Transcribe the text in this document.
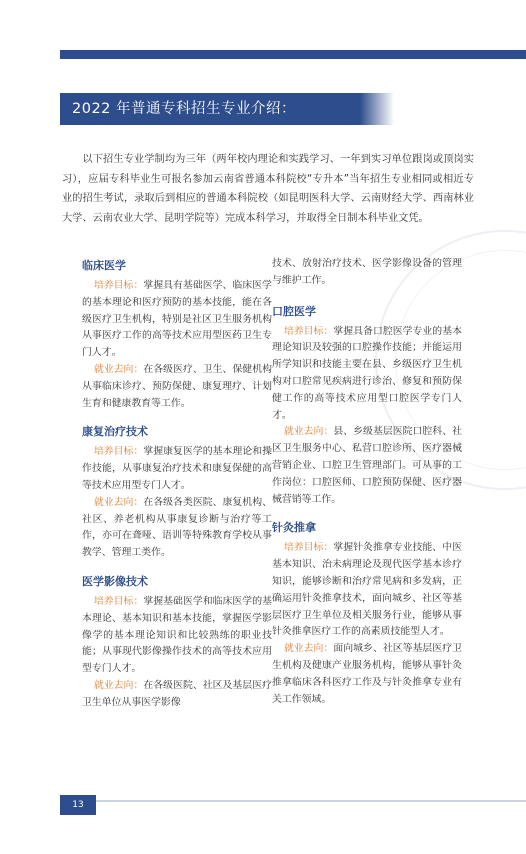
2022 年普通专科招生专业介绍：

以下招生专业学制均为三年（两年校内理论和实践学习、一年到实习单位跟岗或顶岗实习），应届专科毕业生可报名参加云南省普通本科院校“专升本”当年招生专业相同或相近专业的招生考试，录取后到相应的普通本科院校（如昆明医科大学、云南财经大学、西南林业大学、云南农业大学、昆明学院等）完成本科学习，并取得全日制本科毕业文凭。

临床医学

培养目标：掌握具有基础医学、临床医学的基本理论和医疗预防的基本技能，能在各级医疗卫生机构，特别是社区卫生服务机构从事医疗工作的高等技术应用型医药卫生专门人才。

就业去向：在各级医疗、卫生、保健机构从事临床诊疗、预防保健、康复理疗、计划生育和健康教育等工作。

康复治疗技术

培养目标：掌握康复医学的基本理论和操作技能，从事康复治疗技术和康复保健的高等技术应用型专门人才。

就业去向：在各级各类医院、康复机构、社区、养老机构从事康复诊断与治疗等工作，亦可在聋哑、语训等特殊教育学校从事教学、管理工类作。

医学影像技术

培养目标：掌握基础医学和临床医学的基本理论、基本知识和基本技能，掌握医学影像学的基本理论知识和比较熟练的职业技能；从事现代影像操作技术的高等技术应用型专门人才。

就业去向：在各级医院、社区及基层医疗卫生单位从事医学影像

技术、放射治疗技术、医学影像设备的管理与维护工作。

口腔医学

培养目标：掌握具备口腔医学专业的基本理论知识及较强的口腔操作技能；并能运用所学知识和技能主要在县、乡级医疗卫生机构对口腔常见疾病进行诊治、修复和预防保健工作的高等技术应用型口腔医学专门人才。

就业去向：县、乡级基层医院口腔科、社区卫生服务中心、私营口腔诊所、医疗器械营销企业、口腔卫生管理部门。可从事的工作岗位：口腔医师、口腔预防保健、医疗器械营销等工作。

针灸推拿

培养目标：掌握针灸推拿专业技能、中医基本知识、治未病理论及现代医学基本诊疗知识，能够诊断和治疗常见病和多发病，正确运用针灸推拿技术，面向城乡、社区等基层医疗卫生单位及相关服务行业，能够从事针灸推拿医疗工作的高素质技能型人才。

就业去向：面向城乡、社区等基层医疗卫生机构及健康产业服务机构，能够从事针灸推拿临床各科医疗工作及与针灸推拿专业有关工作领域。

13
